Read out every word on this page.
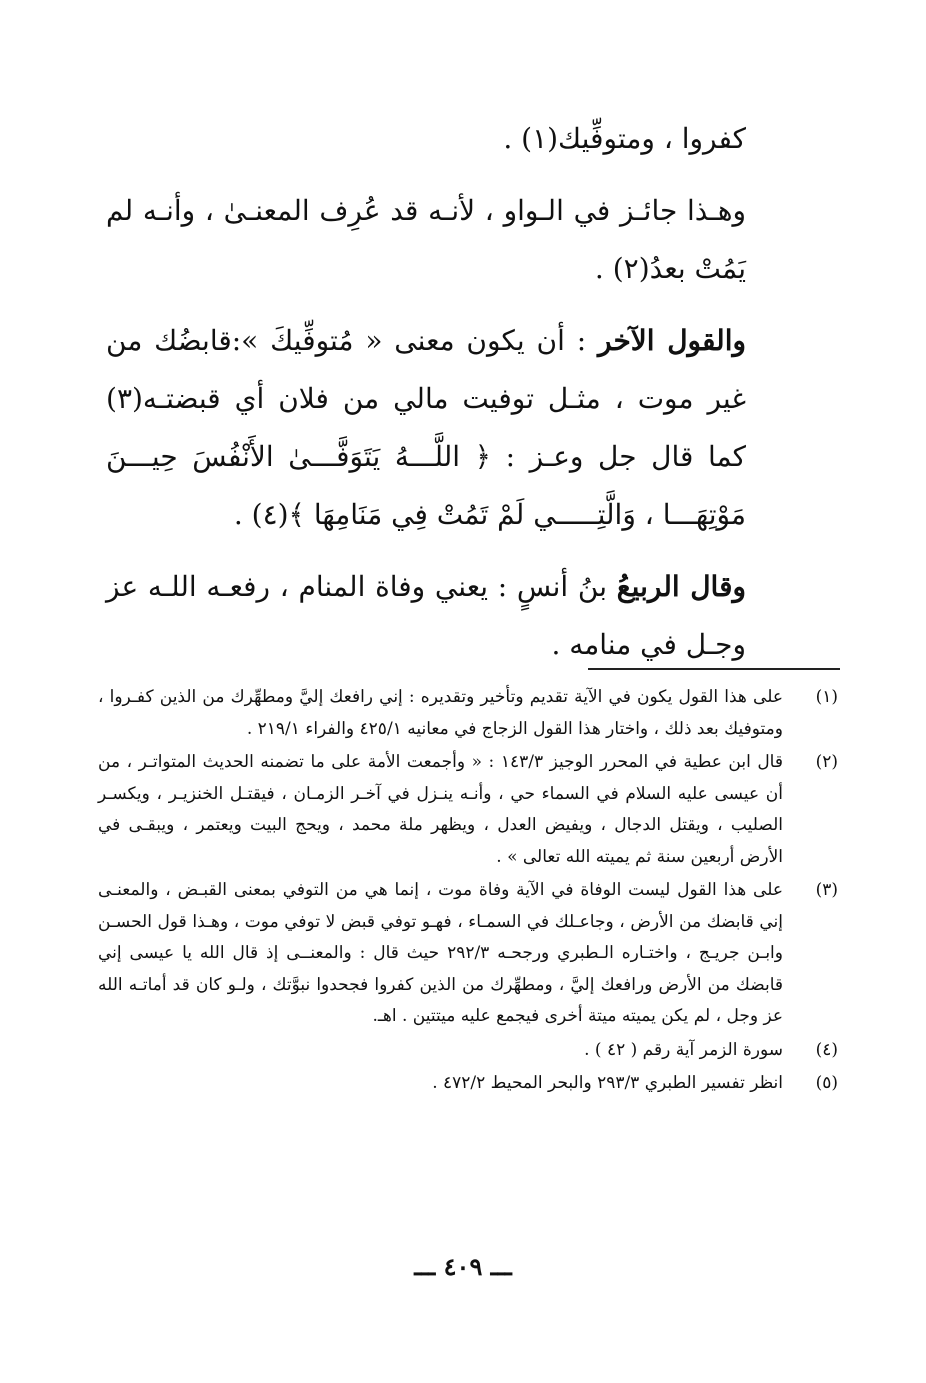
كفروا ، ومتوفِّيك(١) .

وهـذا جائـز في الـواو ، لأنـه قد عُرِف المعنـىٰ ، وأنـه لم يَمُتْ بعدُ(٢) .

والقول الآخر : أن يكون معنى « مُتوفِّيكَ »:قابضُك من غير موت ، مثـل توفيت مالي من فلان أي قبضتـه(٣) كما قال جل وعـز : ﴿ اللَّـــهُ يَتَوَفَّـــىٰ الأَنْفُسَ حِيـــنَ مَوْتِهَـــا ، وَالَّتِـــــي لَمْ تَمُتْ فِي مَنَامِهَا ﴾(٤) .

وقال الربيعُ بنُ أنسٍ : يعني وفاة المنام ، رفعـه اللـه عز وجـل في منامه .

(١)
على هذا القول يكون في الآية تقديم وتأخير وتقديره : إني رافعك إليَّ ومطهِّرك من الذين كفـروا ، ومتوفيك بعد ذلك ، واختار هذا القول الزجاج في معانيه ٤٢٥/١ والفراء ٢١٩/١ .
(٢)
قال ابن عطية في المحرر الوجيز ١٤٣/٣ : « وأجمعت الأمة على ما تضمنه الحديث المتواتـر ، من أن عيسى عليه السلام في السماء حي ، وأنـه ينـزل في آخـر الزمـان ، فيقتـل الخنزيـر ، ويكسـر الصليب ، ويقتل الدجال ، ويفيض العدل ، ويظهر ملة محمد ، ويحج البيت ويعتمر ، ويبقـى في الأرض أربعين سنة ثم يميته الله تعالى » .
(٣)
على هذا القول ليست الوفاة في الآية وفاة موت ، إنما هي من التوفي بمعنى القبـض ، والمعنـى إني قابضك من الأرض ، وجاعـلك في السمـاء ، فهـو توفي قبض لا توفي موت ، وهـذا قول الحسـن وابـن جريـج ، واختـاره الـطبري ورجحـه ٢٩٢/٣ حيث قال : والمعنــى إذ قال الله يا عيسى إني قابضك من الأرض ورافعك إليَّ ، ومطهِّرك من الذين كفروا فجحدوا نبوَّتك ، ولـو كان قد أماتـه الله عز وجل ، لم يكن يميته ميتة أخرى فيجمع عليه ميتتين . اهـ.
(٤)
سورة الزمر آية رقم ( ٤٢ ) .
(٥)
انظر تفسير الطبري ٢٩٣/٣ والبحر المحيط ٤٧٢/٢ .
ـــ ٤٠٩ ـــ
